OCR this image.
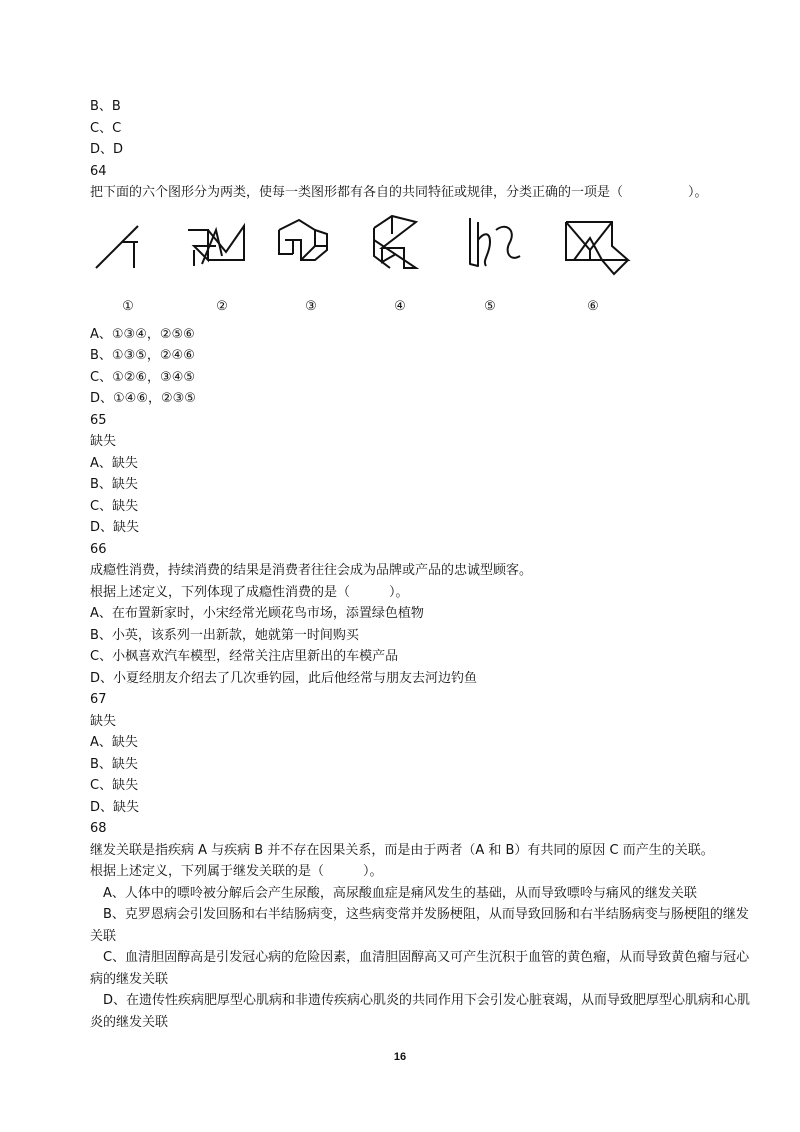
B、B
C、C
D、D
64
把下面的六个图形分为两类，使每一类图形都有各自的共同特征或规律，分类正确的一项是（　　　　　）。
①	②	③	④	⑤	⑥
A、①③④，②⑤⑥
B、①③⑤，②④⑥
C、①②⑥，③④⑤
D、①④⑥，②③⑤
65
缺失
A、缺失
B、缺失
C、缺失
D、缺失
66
成瘾性消费，持续消费的结果是消费者往往会成为品牌或产品的忠诚型顾客。
根据上述定义，下列体现了成瘾性消费的是（　　　）。
A、在布置新家时，小宋经常光顾花鸟市场，添置绿色植物
B、小英，该系列一出新款，她就第一时间购买
C、小枫喜欢汽车模型，经常关注店里新出的车模产品
D、小夏经朋友介绍去了几次垂钓园，此后他经常与朋友去河边钓鱼
67
缺失
A、缺失
B、缺失
C、缺失
D、缺失
68
继发关联是指疾病 A 与疾病 B 并不存在因果关系，而是由于两者（A 和 B）有共同的原因 C 而产生的关联。
根据上述定义，下列属于继发关联的是（　　　）。
A、人体中的嘌呤被分解后会产生尿酸，高尿酸血症是痛风发生的基础，从而导致嘌呤与痛风的继发关联
B、克罗恩病会引发回肠和右半结肠病变，这些病变常并发肠梗阻，从而导致回肠和右半结肠病变与肠梗阻的继发关联
C、血清胆固醇高是引发冠心病的危险因素，血清胆固醇高又可产生沉积于血管的黄色瘤，从而导致黄色瘤与冠心病的继发关联
D、在遗传性疾病肥厚型心肌病和非遗传疾病心肌炎的共同作用下会引发心脏衰竭，从而导致肥厚型心肌病和心肌炎的继发关联
16
